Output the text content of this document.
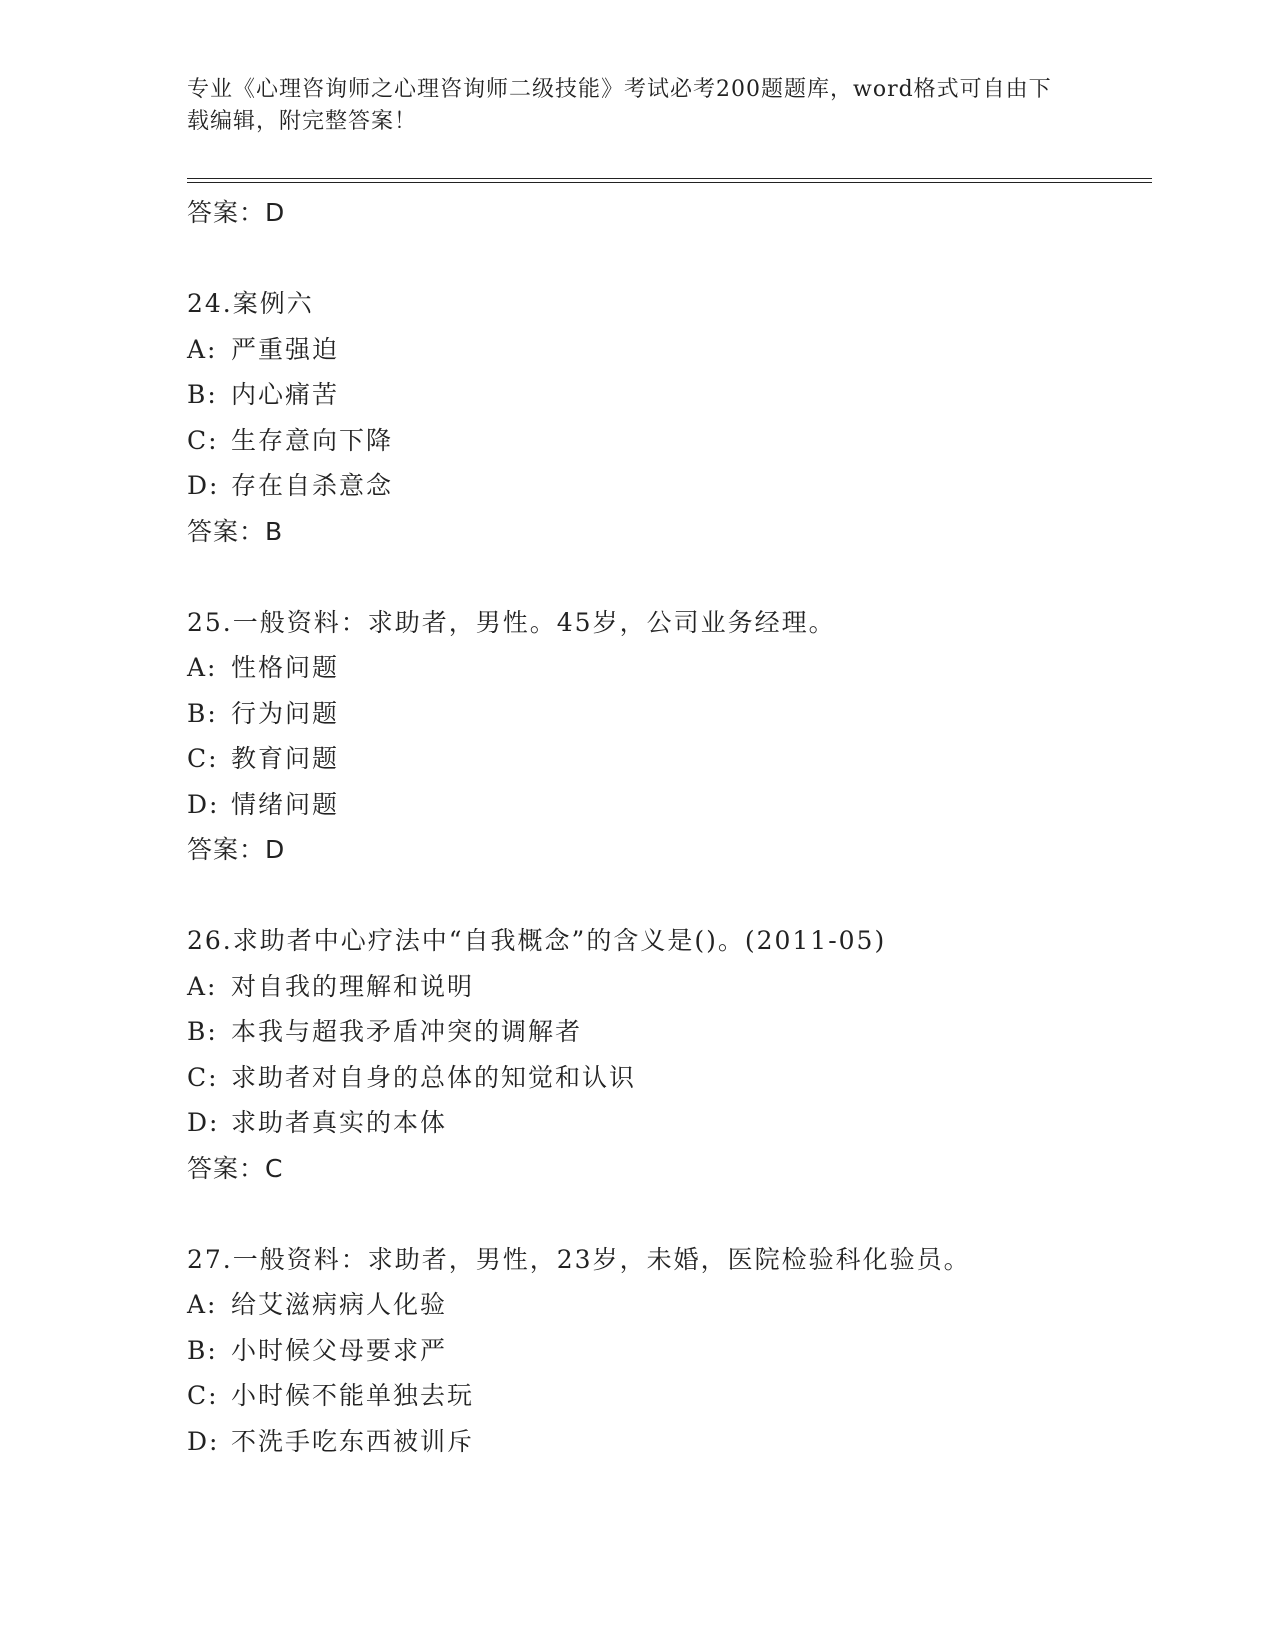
专业《心理咨询师之心理咨询师二级技能》考试必考200题题库，word格式可自由下载编辑，附完整答案！
答案：D
24.案例六
A: 严重强迫
B: 内心痛苦
C: 生存意向下降
D: 存在自杀意念
答案：B
25.一般资料：求助者，男性。45岁，公司业务经理。
A: 性格问题
B: 行为问题
C: 教育问题
D: 情绪问题
答案：D
26.求助者中心疗法中“自我概念”的含义是()。(2011-05)
A: 对自我的理解和说明
B: 本我与超我矛盾冲突的调解者
C: 求助者对自身的总体的知觉和认识
D: 求助者真实的本体
答案：C
27.一般资料：求助者，男性，23岁，未婚，医院检验科化验员。
A: 给艾滋病病人化验
B: 小时候父母要求严
C: 小时候不能单独去玩
D: 不洗手吃东西被训斥
